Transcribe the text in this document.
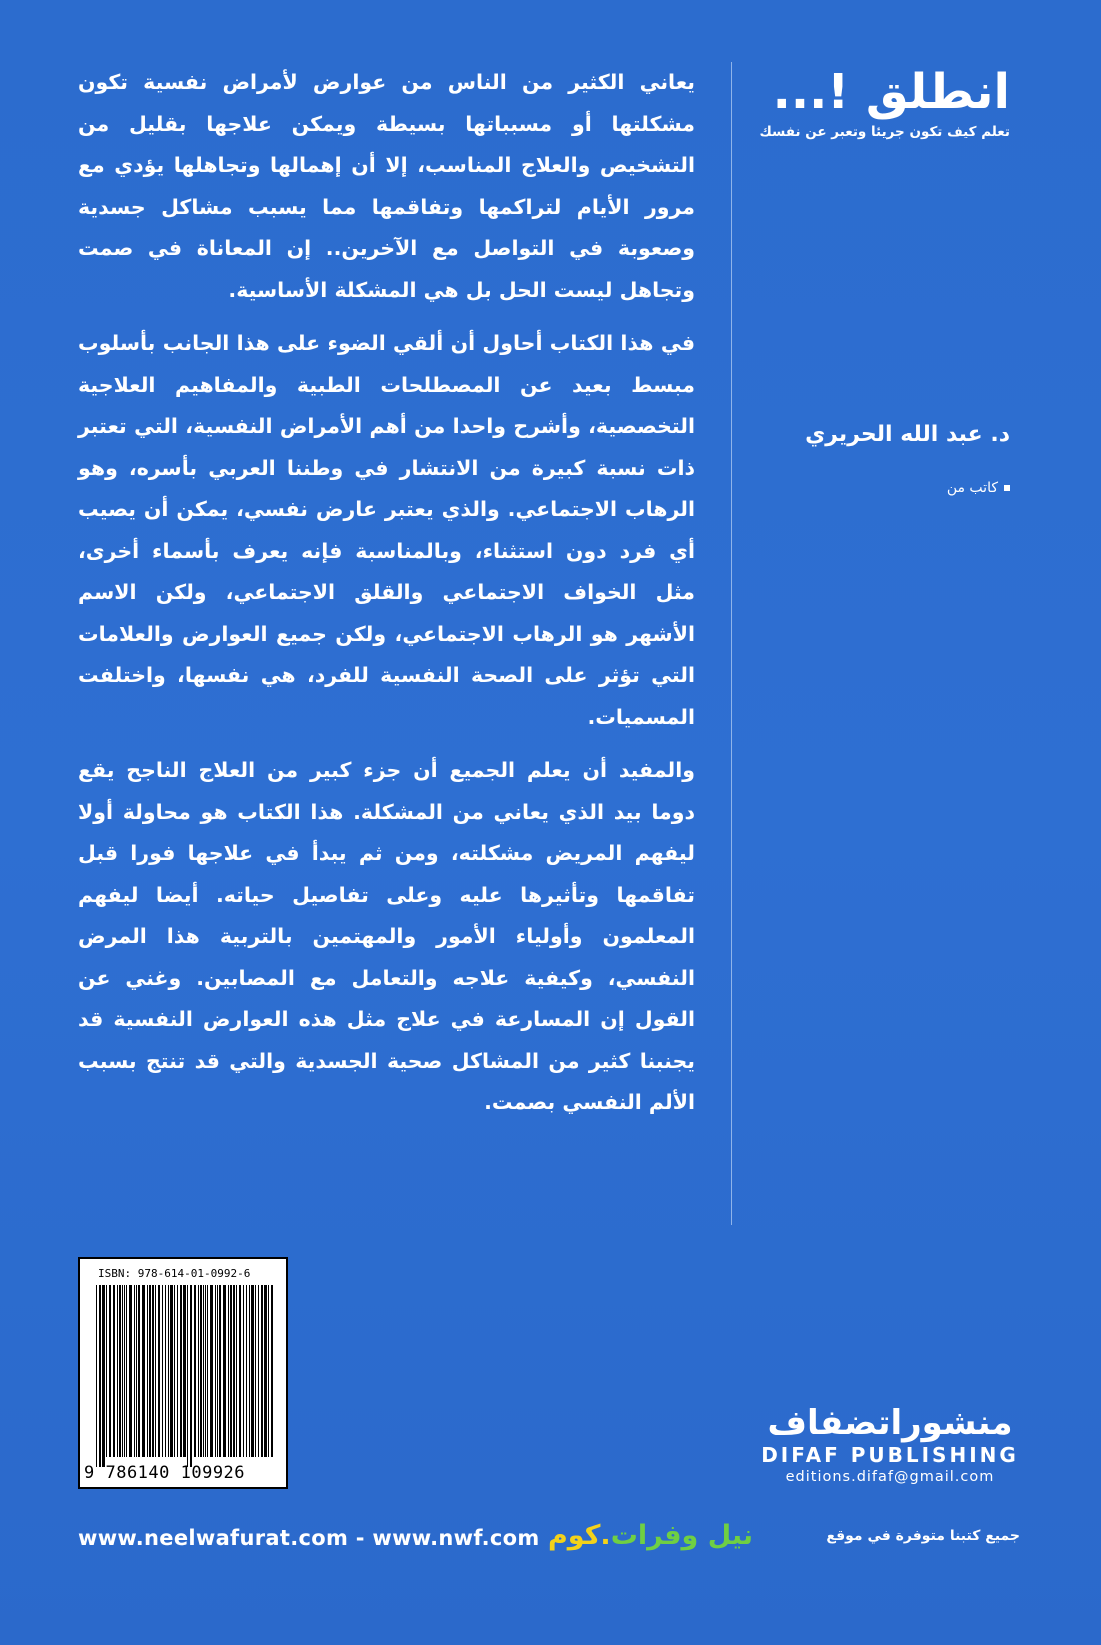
يعاني الكثير من الناس من عوارض لأمراض نفسية تكون مشكلتها أو مسبباتها بسيطة ويمكن علاجها بقليل من التشخيص والعلاج المناسب، إلا أن إهمالها وتجاهلها يؤدي مع مرور الأيام لتراكمها وتفاقمها مما يسبب مشاكل جسدية وصعوبة في التواصل مع الآخرين.. إن المعاناة في صمت وتجاهل ليست الحل بل هي المشكلة الأساسية.

في هذا الكتاب أحاول أن ألقي الضوء على هذا الجانب بأسلوب مبسط بعيد عن المصطلحات الطبية والمفاهيم العلاجية التخصصية، وأشرح واحدا من أهم الأمراض النفسية، التي تعتبر ذات نسبة كبيرة من الانتشار في وطننا العربي بأسره، وهو الرهاب الاجتماعي. والذي يعتبر عارض نفسي، يمكن أن يصيب أي فرد دون استثناء، وبالمناسبة فإنه يعرف بأسماء أخرى، مثل الخواف الاجتماعي والقلق الاجتماعي، ولكن الاسم الأشهر هو الرهاب الاجتماعي، ولكن جميع العوارض والعلامات التي تؤثر على الصحة النفسية للفرد، هي نفسها، واختلفت المسميات.

والمفيد أن يعلم الجميع أن جزء كبير من العلاج الناجح يقع دوما بيد الذي يعاني من المشكلة. هذا الكتاب هو محاولة أولا ليفهم المريض مشكلته، ومن ثم يبدأ في علاجها فورا قبل تفاقمها وتأثيرها عليه وعلى تفاصيل حياته. أيضا ليفهم المعلمون وأولياء الأمور والمهتمين بالتربية هذا المرض النفسي، وكيفية علاجه والتعامل مع المصابين. وغني عن القول إن المسارعة في علاج مثل هذه العوارض النفسية قد يجنبنا كثير من المشاكل صحية الجسدية والتي قد تنتج بسبب الألم النفسي بصمت.

انطلق !...
تعلم كيف تكون جريئا وتعبر عن نفسك
د. عبد الله الحريري
كاتب من
ISBN: 978-614-01-0992-6
9 786140 109926
منشوراتضفاف
DIFAF PUBLISHING
editions.difaf@gmail.com
www.neelwafurat.com - www.nwf.com	نيل وفرات.كوم	جميع كتبنا متوفرة في موقع
